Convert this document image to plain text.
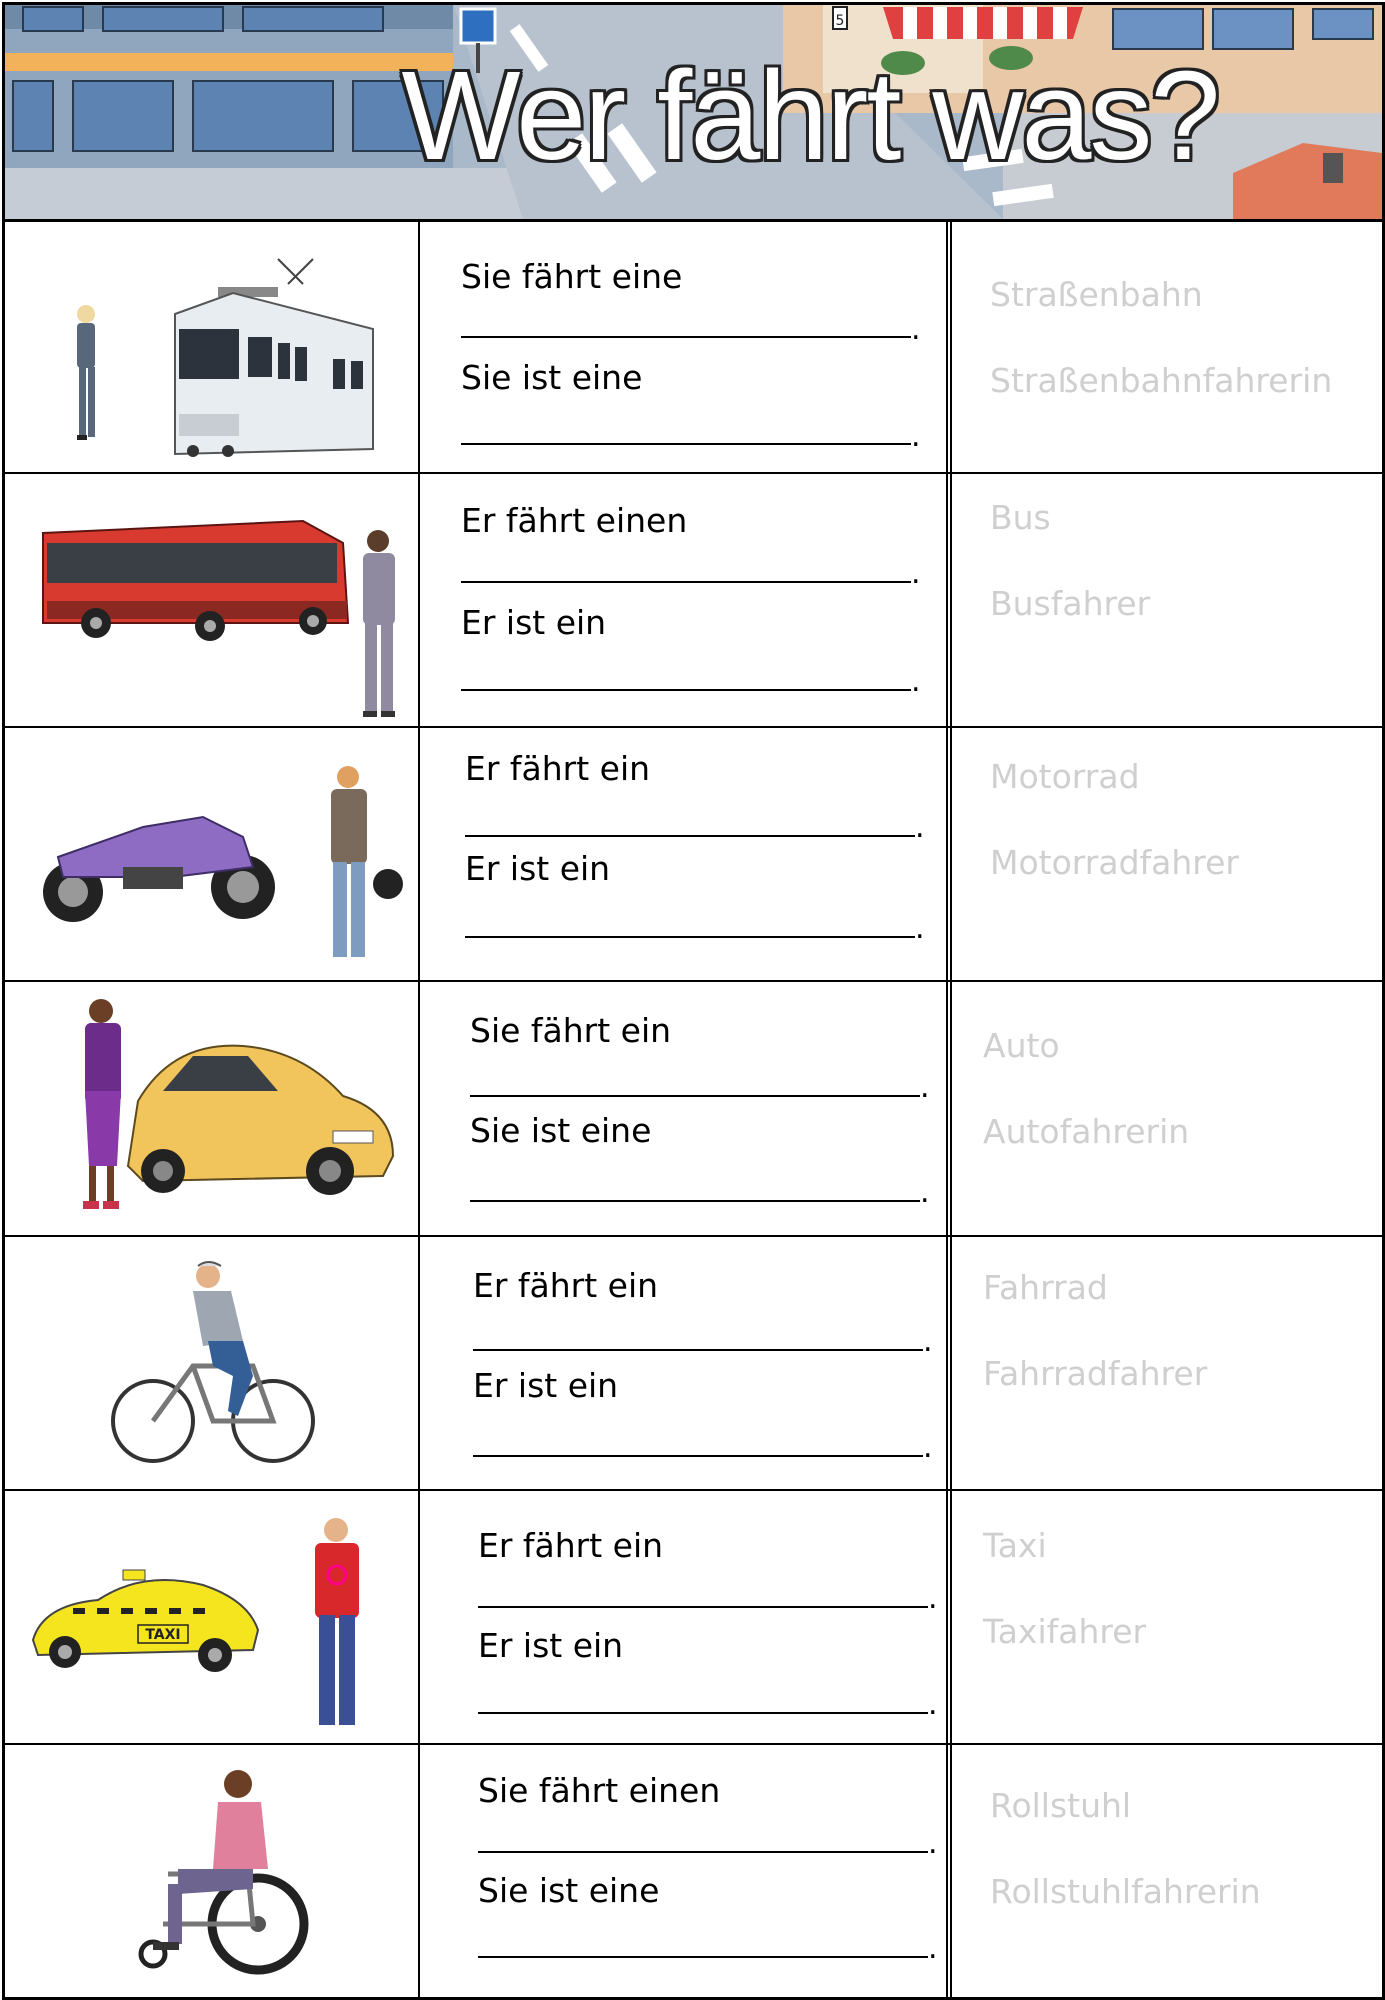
5
Wer fährt was?
Sie fährt eine
.
Sie ist eine
.
Straßenbahn
Straßenbahnfahrerin
Er fährt einen
.
Er ist ein
.
Bus
Busfahrer
Er fährt ein
.
Er ist ein
.
Motorrad
Motorradfahrer
Sie fährt ein
.
Sie ist eine
.
Auto
Autofahrerin
Er fährt ein
.
Er ist ein
.
Fahrrad
Fahrradfahrer
TAXI
Er fährt ein
.
Er ist ein
.
Taxi
Taxifahrer
Sie fährt einen
.
Sie ist eine
.
Rollstuhl
Rollstuhlfahrerin
